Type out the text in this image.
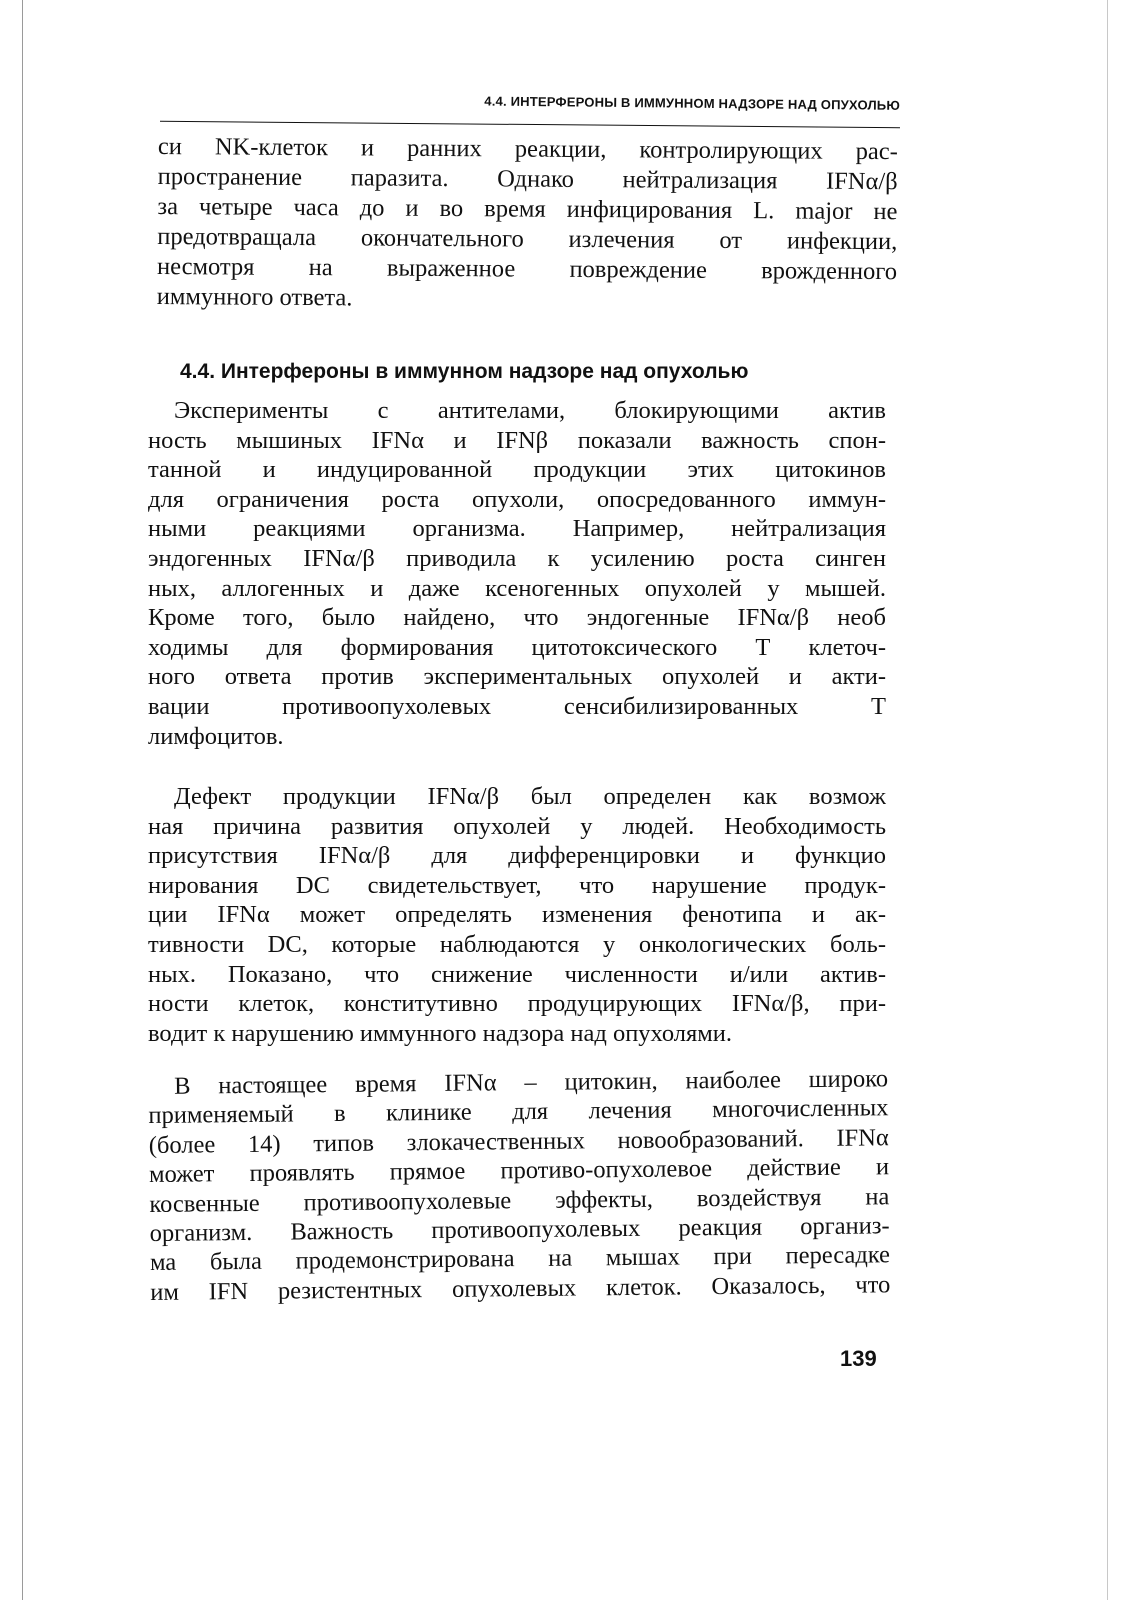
4.4. ИНТЕРФЕРОНЫ В ИММУННОМ НАДЗОРЕ НАД ОПУХОЛЬЮ
си NK-клеток и ранних реакции, контролирующих рас-
пространение паразита. Однако нейтрализация IFNα/β
за четыре часа до и во время инфицирования L. major не
предотвращала окончательного излечения от инфекции,
несмотря на выраженное повреждение врожденного
иммунного ответа.
4.4. Интерфероны в иммунном надзоре над опухолью
Эксперименты с антителами, блокирующими актив
ность мышиных IFNα и IFNβ показали важность спон-
танной и индуцированной продукции этих цитокинов
для ограничения роста опухоли, опосредованного иммун-
ными реакциями организма. Например, нейтрализация
эндогенных IFNα/β приводила к усилению роста синген
ных, аллогенных и даже ксеногенных опухолей у мышей.
Кроме того, было найдено, что эндогенные IFNα/β необ
ходимы для формирования цитотоксического Т клеточ-
ного ответа против экспериментальных опухолей и акти-
вации противоопухолевых сенсибилизированных Т
лимфоцитов.
Дефект продукции IFNα/β был определен как возмож
ная причина развития опухолей у людей. Необходимость
присутствия IFNα/β для дифференцировки и функцио
нирования DC свидетельствует, что нарушение продук-
ции IFNα может определять изменения фенотипа и ак-
тивности DC, которые наблюдаются у онкологических боль-
ных. Показано, что снижение численности и/или актив-
ности клеток, конститутивно продуцирующих IFNα/β, при-
водит к нарушению иммунного надзора над опухолями.
В настоящее время IFNα – цитокин, наиболее широко
применяемый в клинике для лечения многочисленных
(более 14) типов злокачественных новообразований. IFNα
может проявлять прямое противо-опухолевое действие и
косвенные противоопухолевые эффекты, воздействуя на
организм. Важность противоопухолевых реакция организ-
ма была продемонстрирована на мышах при пересадке
им IFN резистентных опухолевых клеток. Оказалось, что
139
